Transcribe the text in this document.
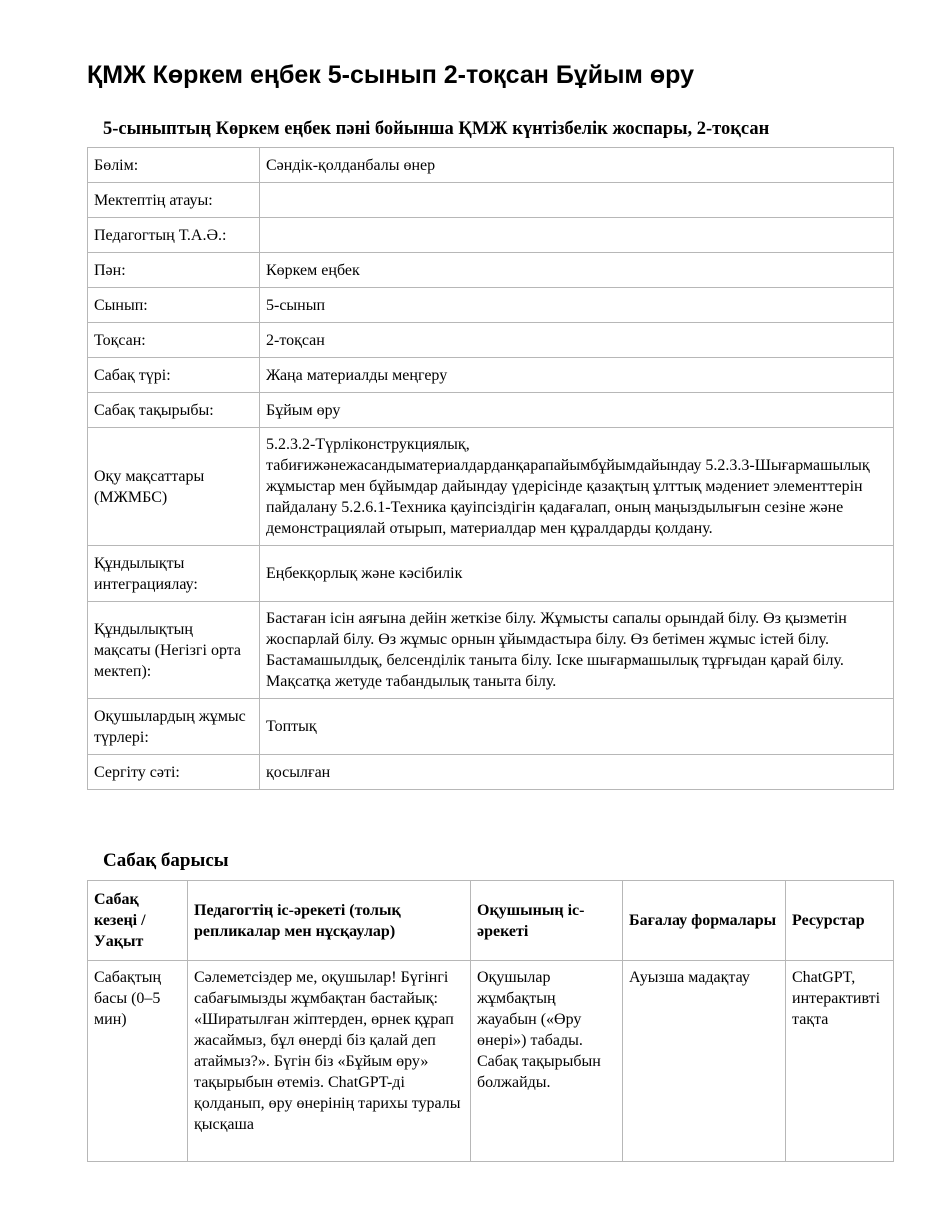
ҚМЖ Көркем еңбек 5-сынып 2-тоқсан Бұйым өру
5-сыныптың Көркем еңбек пәні бойынша ҚМЖ күнтізбелік жоспары, 2-тоқсан
Бөлім:	Сәндік-қолданбалы өнер
Мектептің атауы:	
Педагогтың Т.А.Ә.:	
Пән:	Көркем еңбек
Сынып:	5-сынып
Тоқсан:	2-тоқсан
Сабақ түрі:	Жаңа материалды меңгеру
Сабақ тақырыбы:	Бұйым өру
Оқу мақсаттары (МЖМБС)	5.2.3.2-Түрліконструкциялық, табиғижәнежасандыматериалдарданқарапайымбұйымдайындау 5.2.3.3-Шығармашылық жұмыстар мен бұйымдар дайындау үдерісінде қазақтың ұлттық мәдениет элементтерін пайдалану 5.2.6.1-Техника қауіпсіздігін қадағалап, оның маңыздылығын сезіне және демонстрациялай отырып, материалдар мен құралдарды қолдану.
Құндылықты интеграциялау:	Еңбекқорлық және кәсібилік
Құндылықтың мақсаты (Негізгі орта мектеп):	Бастаған ісін аяғына дейін жеткізе білу. Жұмысты сапалы орындай білу. Өз қызметін жоспарлай білу. Өз жұмыс орнын ұйымдастыра білу. Өз бетімен жұмыс істей білу. Бастамашылдық, белсенділік таныта білу. Іске шығармашылық тұрғыдан қарай білу. Мақсатқа жетуде табандылық таныта білу.
Оқушылардың жұмыс түрлері:	Топтық
Сергіту сәті:	қосылған
Сабақ барысы
Сабақ кезеңі / Уақыт	Педагогтің іс-әрекеті (толық репликалар мен нұсқаулар)	Оқушының іс-әрекеті	Бағалау формалары	Ресурстар
Сабақтың басы (0–5 мин)	Сәлеметсіздер ме, оқушылар! Бүгінгі сабағымызды жұмбақтан бастайық: «Ширатылған жіптерден, өрнек құрап жасаймыз, бұл өнерді біз қалай деп атаймыз?». Бүгін біз «Бұйым өру» тақырыбын өтеміз. ChatGPT-ді қолданып, өру өнерінің тарихы туралы қысқаша	Оқушылар жұмбақтың жауабын («Өру өнері») табады. Сабақ тақырыбын болжайды.	Ауызша мадақтау	ChatGPT, интерактивті тақта
